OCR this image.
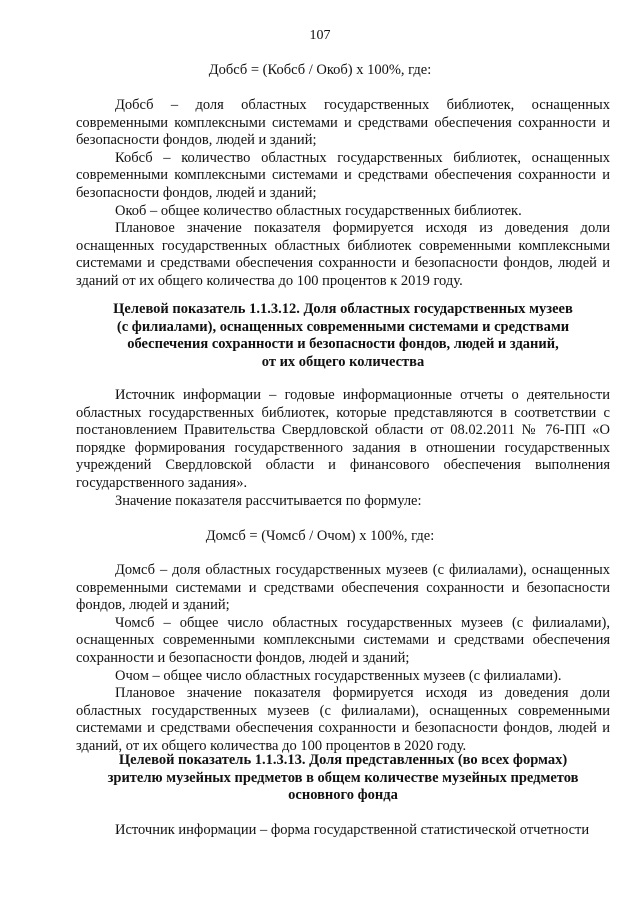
107
Добсб = (Кобсб / Окоб) х 100%, где:

Добсб – доля областных государственных библиотек, оснащенных современными комплексными системами и средствами обеспечения сохранности и безопасности фондов, людей и зданий;

Кобсб – количество областных государственных библиотек, оснащенных современными комплексными системами и средствами обеспечения сохранности и безопасности фондов, людей и зданий;

Окоб – общее количество областных государственных библиотек.

Плановое значение показателя формируется исходя из доведения доли оснащенных государственных областных библиотек современными комплексными системами и средствами обеспечения сохранности и безопасности фондов, людей и зданий от их общего количества до 100 процентов к 2019 году.

Целевой показатель 1.1.3.12. Доля областных государственных музеев
(с филиалами), оснащенных современными системами и средствами
обеспечения сохранности и безопасности фондов, людей и зданий,
от их общего количества

Источник информации – годовые информационные отчеты о деятельности областных государственных библиотек, которые представляются в соответствии с постановлением Правительства Свердловской области от 08.02.2011 № 76-ПП «О порядке формирования государственного задания в отношении государственных учреждений Свердловской области и финансового обеспечения выполнения государственного задания».

Значение показателя рассчитывается по формуле:

Домсб = (Чомсб / Очом) х 100%, где:

Домсб – доля областных государственных музеев (с филиалами), оснащенных современными системами и средствами обеспечения сохранности и безопасности фондов, людей и зданий;

Чомсб – общее число областных государственных музеев (с филиалами), оснащенных современными комплексными системами и средствами обеспечения сохранности и безопасности фондов, людей и зданий;

Очом – общее число областных государственных музеев (с филиалами).

Плановое значение показателя формируется исходя из доведения доли областных государственных музеев (с филиалами), оснащенных современными системами и средствами обеспечения сохранности и безопасности фондов, людей и зданий, от их общего количества до 100 процентов в 2020 году.

Целевой показатель 1.1.3.13. Доля представленных (во всех формах)
зрителю музейных предметов в общем количестве музейных предметов
основного фонда
Источник информации – форма государственной статистической отчетности
